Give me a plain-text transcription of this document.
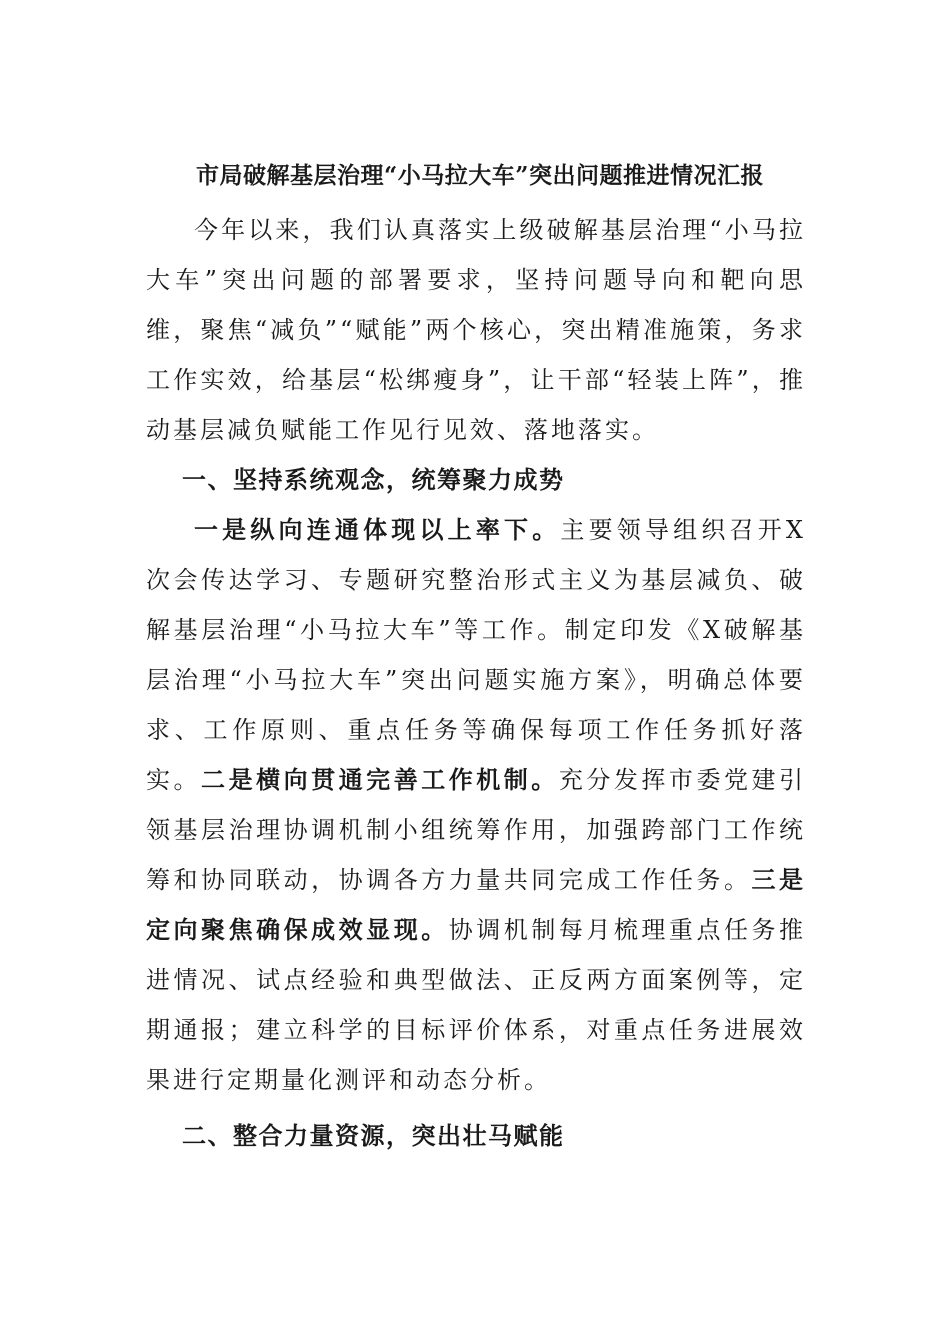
市局破解基层治理“小马拉大车”突出问题推进情况汇报

今年以来，我们认真落实上级破解基层治理“小马拉大车”突出问题的部署要求，坚持问题导向和靶向思维，聚焦“减负”“赋能”两个核心，突出精准施策，务求工作实效，给基层“松绑瘦身”，让干部“轻装上阵”，推动基层减负赋能工作见行见效、落地落实。

一、坚持系统观念，统筹聚力成势

一是纵向连通体现以上率下。主要领导组织召开X次会传达学习、专题研究整治形式主义为基层减负、破解基层治理“小马拉大车”等工作。制定印发《X破解基层治理“小马拉大车”突出问题实施方案》，明确总体要求、工作原则、重点任务等确保每项工作任务抓好落实。二是横向贯通完善工作机制。充分发挥市委党建引领基层治理协调机制小组统筹作用，加强跨部门工作统筹和协同联动，协调各方力量共同完成工作任务。三是定向聚焦确保成效显现。协调机制每月梳理重点任务推进情况、试点经验和典型做法、正反两方面案例等，定期通报；建立科学的目标评价体系，对重点任务进展效果进行定期量化测评和动态分析。

二、整合力量资源，突出壮马赋能
